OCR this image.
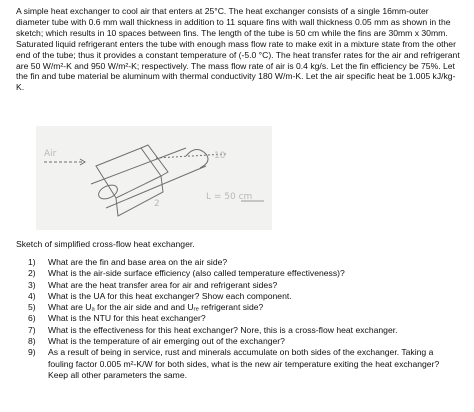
A simple heat exchanger to cool air that enters at 25°C. The heat exchanger consists of a single 16mm-outer diameter tube with 0.6 mm wall thickness in addition to 11 square fins with wall thickness 0.05 mm as shown in the sketch; which results in 10 spaces between fins. The length of the tube is 50 cm while the fins are 30mm x 30mm. Saturated liquid refrigerant enters the tube with enough mass flow rate to make exit in a mixture state from the other end of the tube; thus it provides a constant temperature of (-5.0 °C). The heat transfer rates for the air and refrigerant are 50 W/m²-K and 950 W/m²-K; respectively. The mass flow rate of air is 0.4 kg/s. Let the fin efficiency be 75%. Let the fin and tube material be aluminum with thermal conductivity 180 W/m-K. Let the air specific heat be 1.005 kJ/kg-K.

Air	10
2
L = 50 cm

Sketch of simplified cross-flow heat exchanger.

1)	What are the fin and base area on the air side?
2)	What is the air-side surface efficiency (also called temperature effectiveness)?
3)	What are the heat transfer area for air and refrigerant sides?
4)	What is the UA for this heat exchanger? Show each component.
5)	What are Uₐ for the air side and and Uᵣₑ refrigerant side?
6)	What is the NTU for this heat exchanger?
7)	What is the effectiveness for this heat exchanger? Nore, this is a cross-flow heat exchanger.
8)	What is the temperature of air emerging out of the exchanger?
9)	As a result of being in service, rust and minerals accumulate on both sides of the exchanger. Taking a fouling factor 0.005 m²-K/W for both sides, what is the new air temperature exiting the heat exchanger? Keep all other parameters the same.
